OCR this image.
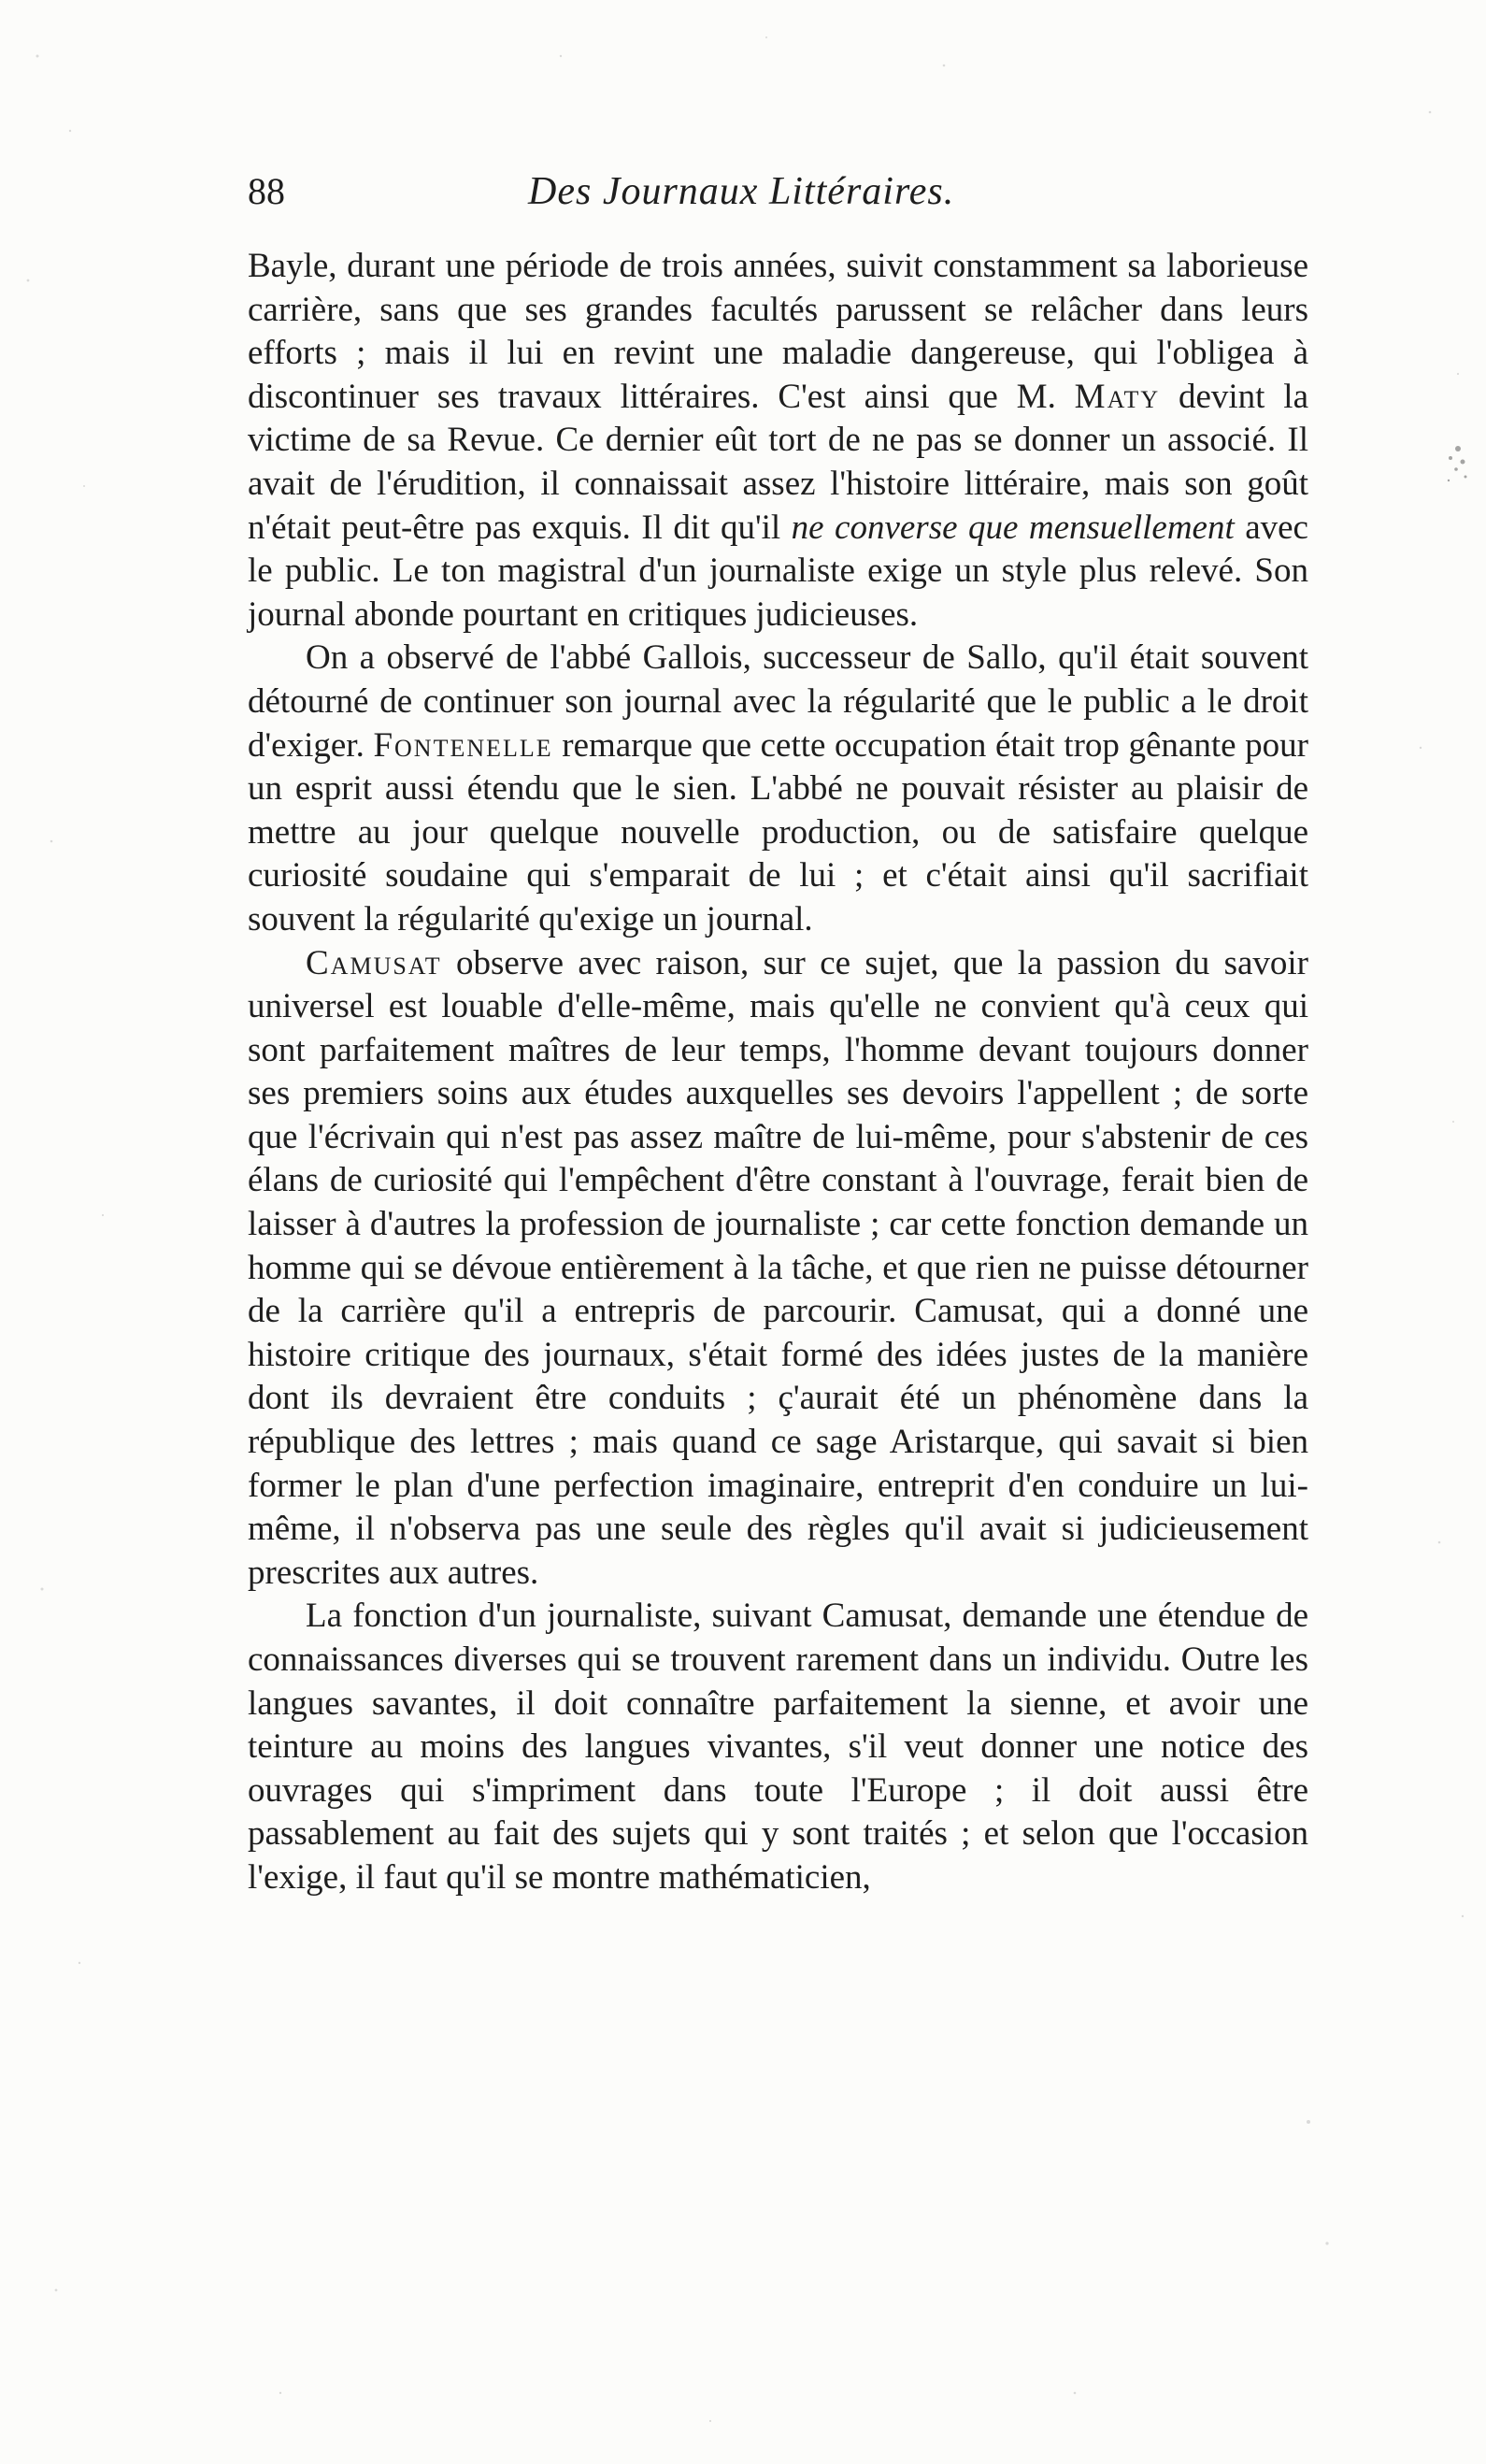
88	Des Journaux Littéraires.

Bayle, durant une période de trois années, suivit constamment sa laborieuse carrière, sans que ses grandes facultés parussent se relâcher dans leurs efforts ; mais il lui en revint une maladie dangereuse, qui l'obligea à discontinuer ses travaux littéraires. C'est ainsi que M. Maty devint la victime de sa Revue. Ce dernier eût tort de ne pas se donner un associé. Il avait de l'érudition, il connaissait assez l'histoire littéraire, mais son goût n'était peut-être pas exquis. Il dit qu'il ne converse que mensuellement avec le public. Le ton magistral d'un journaliste exige un style plus relevé. Son journal abonde pourtant en critiques judicieuses.

On a observé de l'abbé Gallois, successeur de Sallo, qu'il était souvent détourné de continuer son journal avec la régularité que le public a le droit d'exiger. Fontenelle remarque que cette occupation était trop gênante pour un esprit aussi étendu que le sien. L'abbé ne pouvait résister au plaisir de mettre au jour quelque nouvelle production, ou de satisfaire quelque curiosité soudaine qui s'emparait de lui ; et c'était ainsi qu'il sacrifiait souvent la régularité qu'exige un journal.

Camusat observe avec raison, sur ce sujet, que la passion du savoir universel est louable d'elle-même, mais qu'elle ne convient qu'à ceux qui sont parfaitement maîtres de leur temps, l'homme devant toujours donner ses premiers soins aux études auxquelles ses devoirs l'appellent ; de sorte que l'écrivain qui n'est pas assez maître de lui-même, pour s'abstenir de ces élans de curiosité qui l'empêchent d'être constant à l'ouvrage, ferait bien de laisser à d'autres la profession de journaliste ; car cette fonction demande un homme qui se dévoue entièrement à la tâche, et que rien ne puisse détourner de la carrière qu'il a entrepris de parcourir. Camusat, qui a donné une histoire critique des journaux, s'était formé des idées justes de la manière dont ils devraient être conduits ; ç'aurait été un phénomène dans la république des lettres ; mais quand ce sage Aristarque, qui savait si bien former le plan d'une perfection imaginaire, entreprit d'en conduire un lui-même, il n'observa pas une seule des règles qu'il avait si judicieusement prescrites aux autres.

La fonction d'un journaliste, suivant Camusat, demande une étendue de connaissances diverses qui se trouvent rarement dans un individu. Outre les langues savantes, il doit connaître parfaitement la sienne, et avoir une teinture au moins des langues vivantes, s'il veut donner une notice des ouvrages qui s'impriment dans toute l'Europe ; il doit aussi être passablement au fait des sujets qui y sont traités ; et selon que l'occasion l'exige, il faut qu'il se montre mathématicien,
